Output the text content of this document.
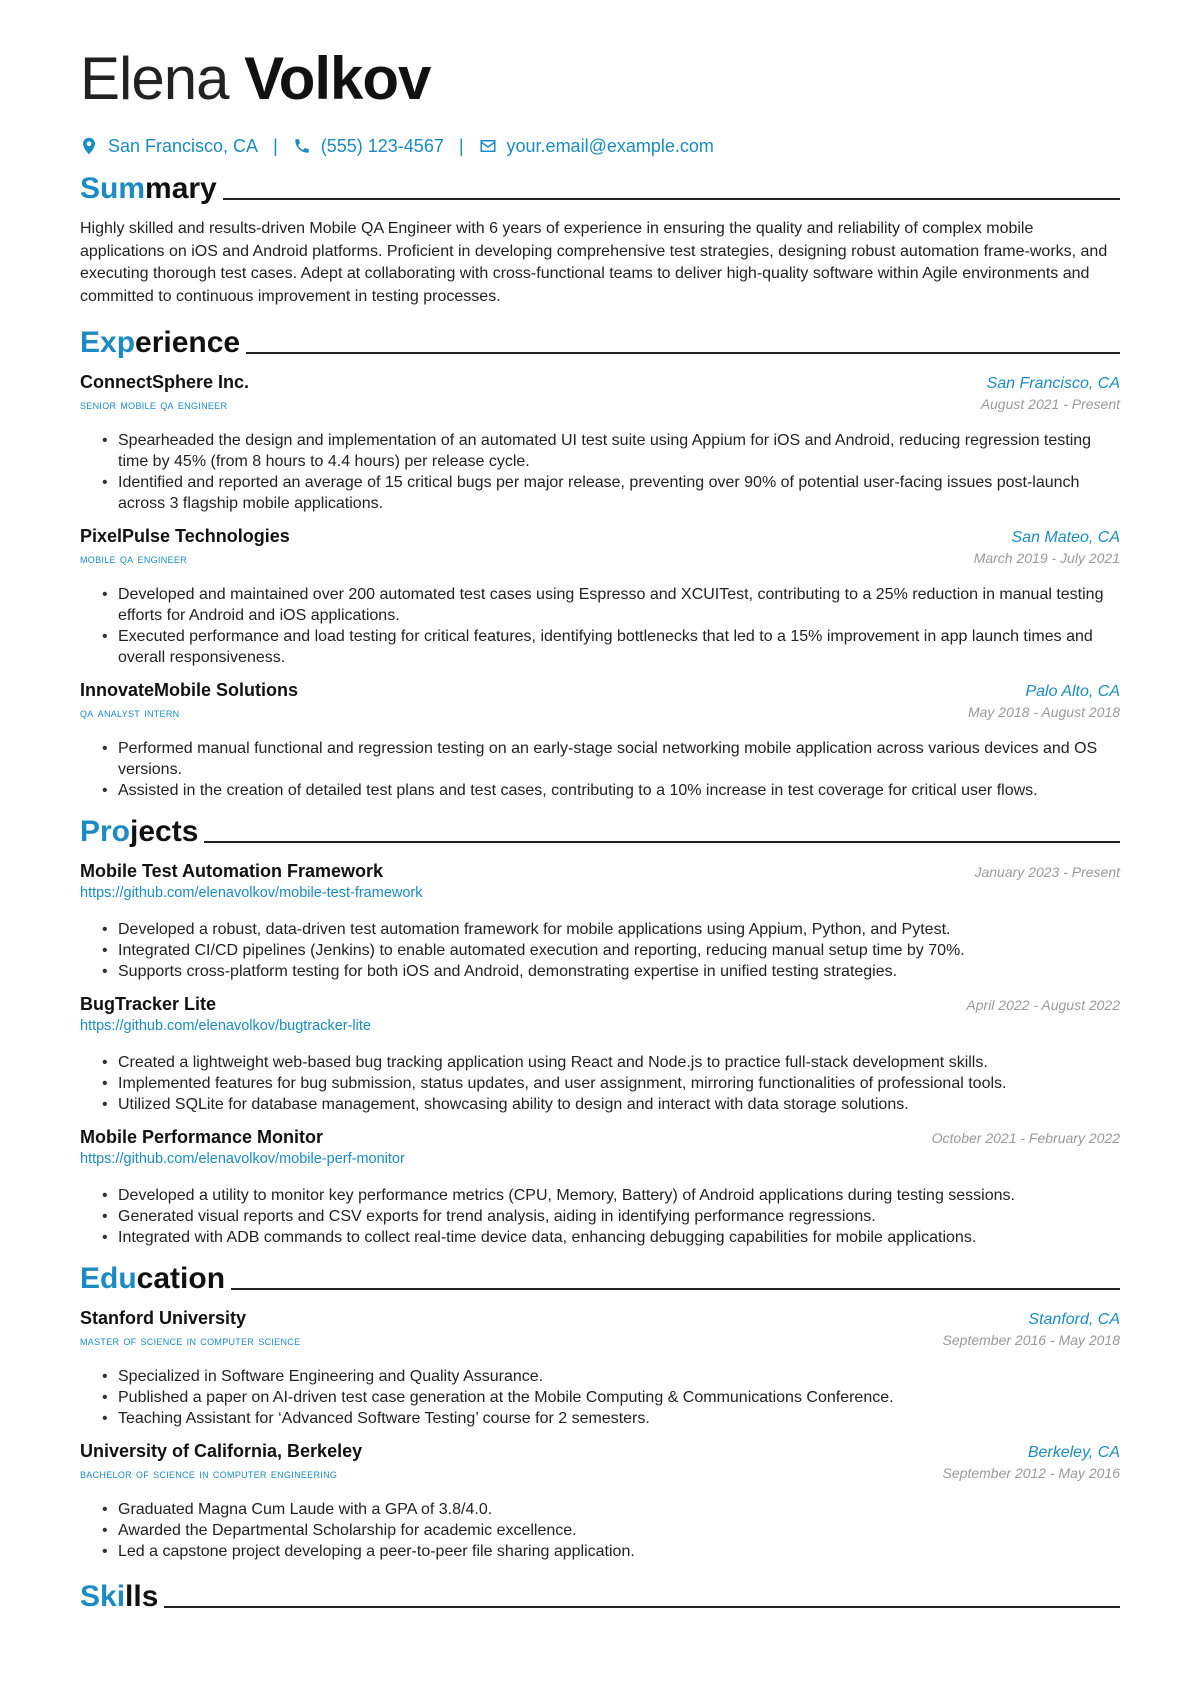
Elena Volkov
San Francisco, CA | (555) 123-4567 | your.email@example.com
Summary
Highly skilled and results-driven Mobile QA Engineer with 6 years of experience in ensuring the quality and reliability of complex mobile applications on iOS and Android platforms. Proficient in developing comprehensive test strategies, designing robust automation frame-works, and executing thorough test cases. Adept at collaborating with cross-functional teams to deliver high-quality software within Agile environments and committed to continuous improvement in testing processes.
Experience
ConnectSphere Inc.	San Francisco, CA
senior mobile qa engineer	August 2021 - Present
• Spearheaded the design and implementation of an automated UI test suite using Appium for iOS and Android, reducing regression testing time by 45% (from 8 hours to 4.4 hours) per release cycle.
• Identified and reported an average of 15 critical bugs per major release, preventing over 90% of potential user-facing issues post-launch across 3 flagship mobile applications.
PixelPulse Technologies	San Mateo, CA
mobile qa engineer	March 2019 - July 2021
• Developed and maintained over 200 automated test cases using Espresso and XCUITest, contributing to a 25% reduction in manual testing efforts for Android and iOS applications.
• Executed performance and load testing for critical features, identifying bottlenecks that led to a 15% improvement in app launch times and overall responsiveness.
InnovateMobile Solutions	Palo Alto, CA
qa analyst intern	May 2018 - August 2018
• Performed manual functional and regression testing on an early-stage social networking mobile application across various devices and OS versions.
• Assisted in the creation of detailed test plans and test cases, contributing to a 10% increase in test coverage for critical user flows.
Projects
Mobile Test Automation Framework	January 2023 - Present
https://github.com/elenavolkov/mobile-test-framework
• Developed a robust, data-driven test automation framework for mobile applications using Appium, Python, and Pytest.
• Integrated CI/CD pipelines (Jenkins) to enable automated execution and reporting, reducing manual setup time by 70%.
• Supports cross-platform testing for both iOS and Android, demonstrating expertise in unified testing strategies.
BugTracker Lite	April 2022 - August 2022
https://github.com/elenavolkov/bugtracker-lite
• Created a lightweight web-based bug tracking application using React and Node.js to practice full-stack development skills.
• Implemented features for bug submission, status updates, and user assignment, mirroring functionalities of professional tools.
• Utilized SQLite for database management, showcasing ability to design and interact with data storage solutions.
Mobile Performance Monitor	October 2021 - February 2022
https://github.com/elenavolkov/mobile-perf-monitor
• Developed a utility to monitor key performance metrics (CPU, Memory, Battery) of Android applications during testing sessions.
• Generated visual reports and CSV exports for trend analysis, aiding in identifying performance regressions.
• Integrated with ADB commands to collect real-time device data, enhancing debugging capabilities for mobile applications.
Education
Stanford University	Stanford, CA
master of science in computer science	September 2016 - May 2018
• Specialized in Software Engineering and Quality Assurance.
• Published a paper on AI-driven test case generation at the Mobile Computing & Communications Conference.
• Teaching Assistant for ‘Advanced Software Testing’ course for 2 semesters.
University of California, Berkeley	Berkeley, CA
bachelor of science in computer engineering	September 2012 - May 2016
• Graduated Magna Cum Laude with a GPA of 3.8/4.0.
• Awarded the Departmental Scholarship for academic excellence.
• Led a capstone project developing a peer-to-peer file sharing application.
Skills
